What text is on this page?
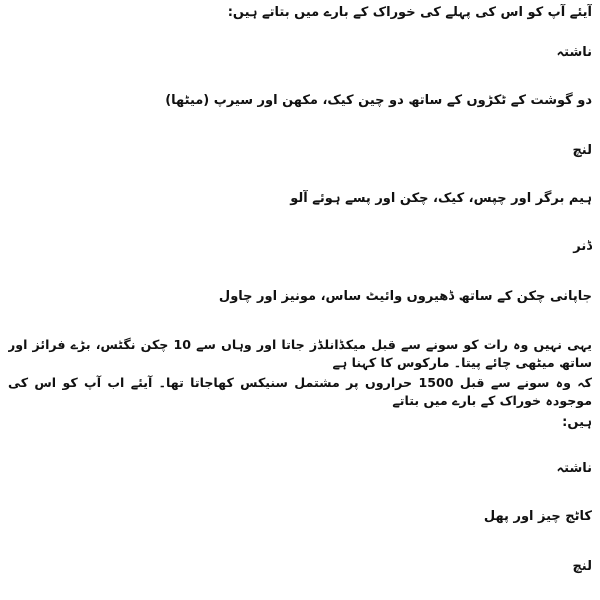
آیئے آپ کو اس کی پہلے کی خوراک کے بارے میں بتاتے ہیں:
ناشتہ
دو گوشت کے ٹکڑوں کے ساتھ دو چین کیک، مکھن اور سیرپ (میٹھا)
لنچ
ہیم برگر اور چپس، کیک، چکن اور پسے ہوئے آلو
ڈنر
جاپانی چکن کے ساتھ ڈھیروں وائیٹ ساس، مونیز اور چاول
یہی نہیں وہ رات کو سونے سے قبل میکڈانلڈز جاتا اور وہاں سے 10 چکن نگٹس، بڑے فرائز اور ساتھ میٹھی چائے پیتا۔ مارکوس کا کہنا ہے
کہ وہ سونے سے قبل 1500 حراروں پر مشتمل سنیکس کھاجاتا تھا۔ آیئے اب آپ کو اس کی موجودہ خوراک کے بارے میں بتاتے
ہیں:
ناشتہ
کاٹج چیز اور پھل
لنچ
